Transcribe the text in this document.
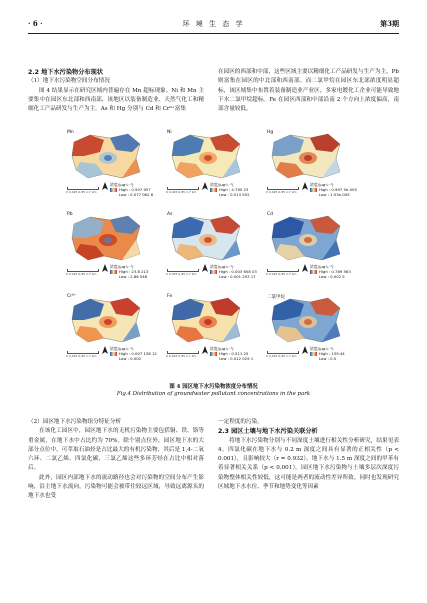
· 6 ·	环 境 生 态 学	第3期

2.2 地下水污染物分布现状

（1）地下水污染物空间分布情况

图 4 结果显示在研究区域内普遍存在 Mn 超标现象。Ni 和 Mn 主要集中在园区东北部和西南部，该地区以装备制造业、天然气化工和精细化工产品研发与生产为主。As 和 Hg 分别与 Cd 和 Cr⁶⁺富集

在园区的西部和中部，这些区域主要以精细化工产品研发与生产为主。Pb 则富集在园区的中北部和西南部。而二氯甲烷在园区东北部浓度明显超标，该区域集中布置着装备制造业产业区，多家电镀化工企业可能导致地下水二氯甲烷超标。Fe 在园区西部和中部沿南 2 个方向上浓度偏高，南部含量较低。

Mn
浓度/(μg·L⁻¹)
High : 0.507 957
Low : 0.077 062 8
0 0.425 0.85 1.7 km
Ni
浓度/(μg·L⁻¹)
High : 4.790 23
Low : 0.513 552
0 0.425 0.85 1.7 km
Hg
浓度/(μg·L⁻¹)
High : 0.997 5e-005
Low : 1.53e-005
0 0.425 0.85 1.7 km
Pb
浓度/(μg·L⁻¹)
High : 23.8 213
Low : 2.86 048
0 0.425 0.85 1.7 km
As
浓度/(μg·L⁻¹)
High : 0.003 658 03
Low : 0.001 293 17
0 0.425 0.85 1.7 km
Cd
浓度/(μg·L⁻¹)
High : 0.789 563
Low : 0.002 5
0 0.425 0.85 1.7 km
Cr⁶⁺
浓度/(μg·L⁻¹)
High : 0.007 138 12
Low : 0.002
0 0.425 0.85 1.7 km
Fe
浓度/(μg·L⁻¹)
High : 0.511 25
Low : 0.012 029 1
0 0.425 0.85 1.7 km
二氯甲烷
浓度/(μg·L⁻¹)
High : 159.44
Low : 0.5
0 0.425 0.85 1.7 km
图 4 园区地下水污染物浓度分布情况
Fig.4 Distribution of groundwater pollutant concentrations in the park

（2）园区地下水污染物组分特征分析

在该化工园区中，园区地下水的无机污染物主要包括铜、铁、铬等重金属，在地下水中占比约为 70%。除个别点位外，园区地下水的大部分点位中，可萃取石油烃是占比最大的有机污染物，其后是 1,4-二氧六环、二氯乙烯、四氯化碳、三氯乙烯这些多环芳烃在占比中相对落后。

此外，园区内部地下水的流动路径也会对污染物的空间分布产生影响，沿主地下水流向，污染物可能会被带往较远区域，导致远离源头的地下水也受

一定程度的污染。

2.3 园区土壤与地下水污染关联分析

将地下水污染物分别与不同深度土壤进行相关性分析研究，结果见表 4。四氯化碳在地下水与 0.2 m 深度之间具有显著的正相关性（p < 0.001），且影响较大（r = 0.932）。地下水与 1.5 m 深度之间的甲苯有着显著相关关系（p < 0.001）。园区地下水污染物与土壤多层次深度污染物整体相关性较低，这可能是两者的流动性差异所致。同时也发现研究区域地下水水位、季节和地势变化等因素
